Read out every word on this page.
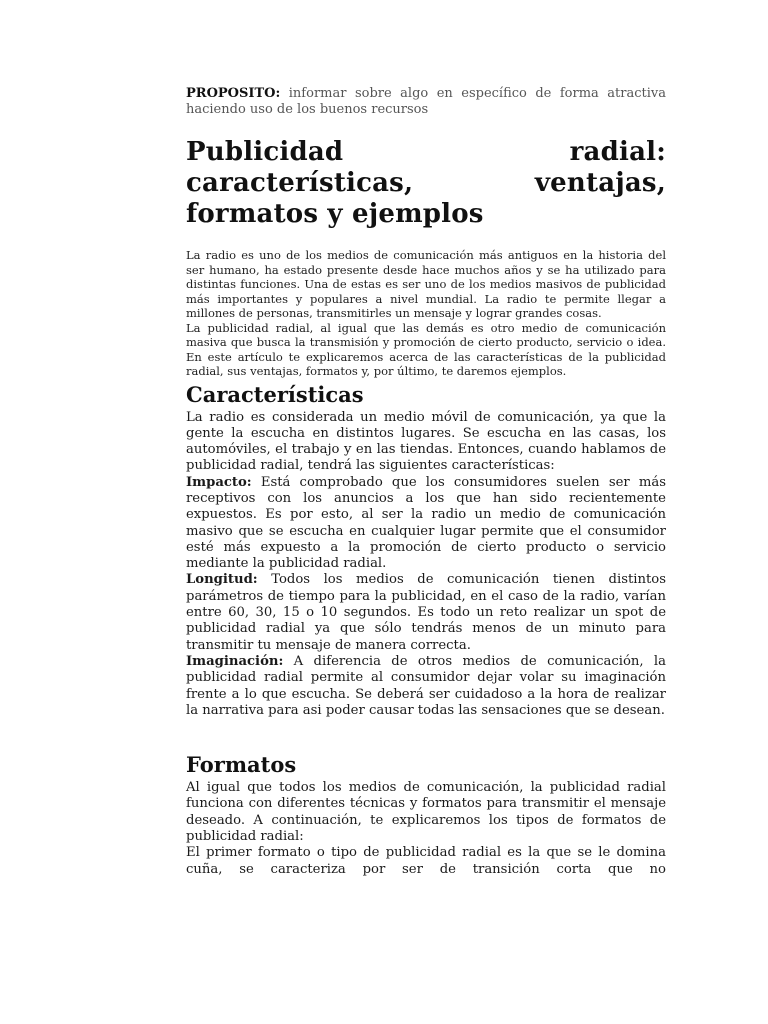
PROPOSITO: informar sobre algo en específico de forma atractiva haciendo uso de los buenos recursos

Publicidad radial: características, ventajas, formatos y ejemplos

La radio es uno de los medios de comunicación más antiguos en la historia del ser humano, ha estado presente desde hace muchos años y se ha utilizado para distintas funciones. Una de estas es ser uno de los medios masivos de publicidad más importantes y populares a nivel mundial. La radio te permite llegar a millones de personas, transmitirles un mensaje y lograr grandes cosas.

La publicidad radial, al igual que las demás es otro medio de comunicación masiva que busca la transmisión y promoción de cierto producto, servicio o idea. En este artículo te explicaremos acerca de las características de la publicidad radial, sus ventajas, formatos y, por último, te daremos ejemplos.

Características

La radio es considerada un medio móvil de comunicación, ya que la gente la escucha en distintos lugares. Se escucha en las casas, los automóviles, el trabajo y en las tiendas. Entonces, cuando hablamos de publicidad radial, tendrá las siguientes características:

Impacto: Está comprobado que los consumidores suelen ser más receptivos con los anuncios a los que han sido recientemente expuestos. Es por esto, al ser la radio un medio de comunicación masivo que se escucha en cualquier lugar permite que el consumidor esté más expuesto a la promoción de cierto producto o servicio mediante la publicidad radial.

Longitud: Todos los medios de comunicación tienen distintos parámetros de tiempo para la publicidad, en el caso de la radio, varían entre 60, 30, 15 o 10 segundos. Es todo un reto realizar un spot de publicidad radial ya que sólo tendrás menos de un minuto para transmitir tu mensaje de manera correcta.

Imaginación: A diferencia de otros medios de comunicación, la publicidad radial permite al consumidor dejar volar su imaginación frente a lo que escucha. Se deberá ser cuidadoso a la hora de realizar la narrativa para asi poder causar todas las sensaciones que se desean.

Formatos

Al igual que todos los medios de comunicación, la publicidad radial funciona con diferentes técnicas y formatos para transmitir el mensaje deseado. A continuación, te explicaremos los tipos de formatos de publicidad radial:

El primer formato o tipo de publicidad radial es la que se le domina cuña, se caracteriza por ser de transición corta que no
